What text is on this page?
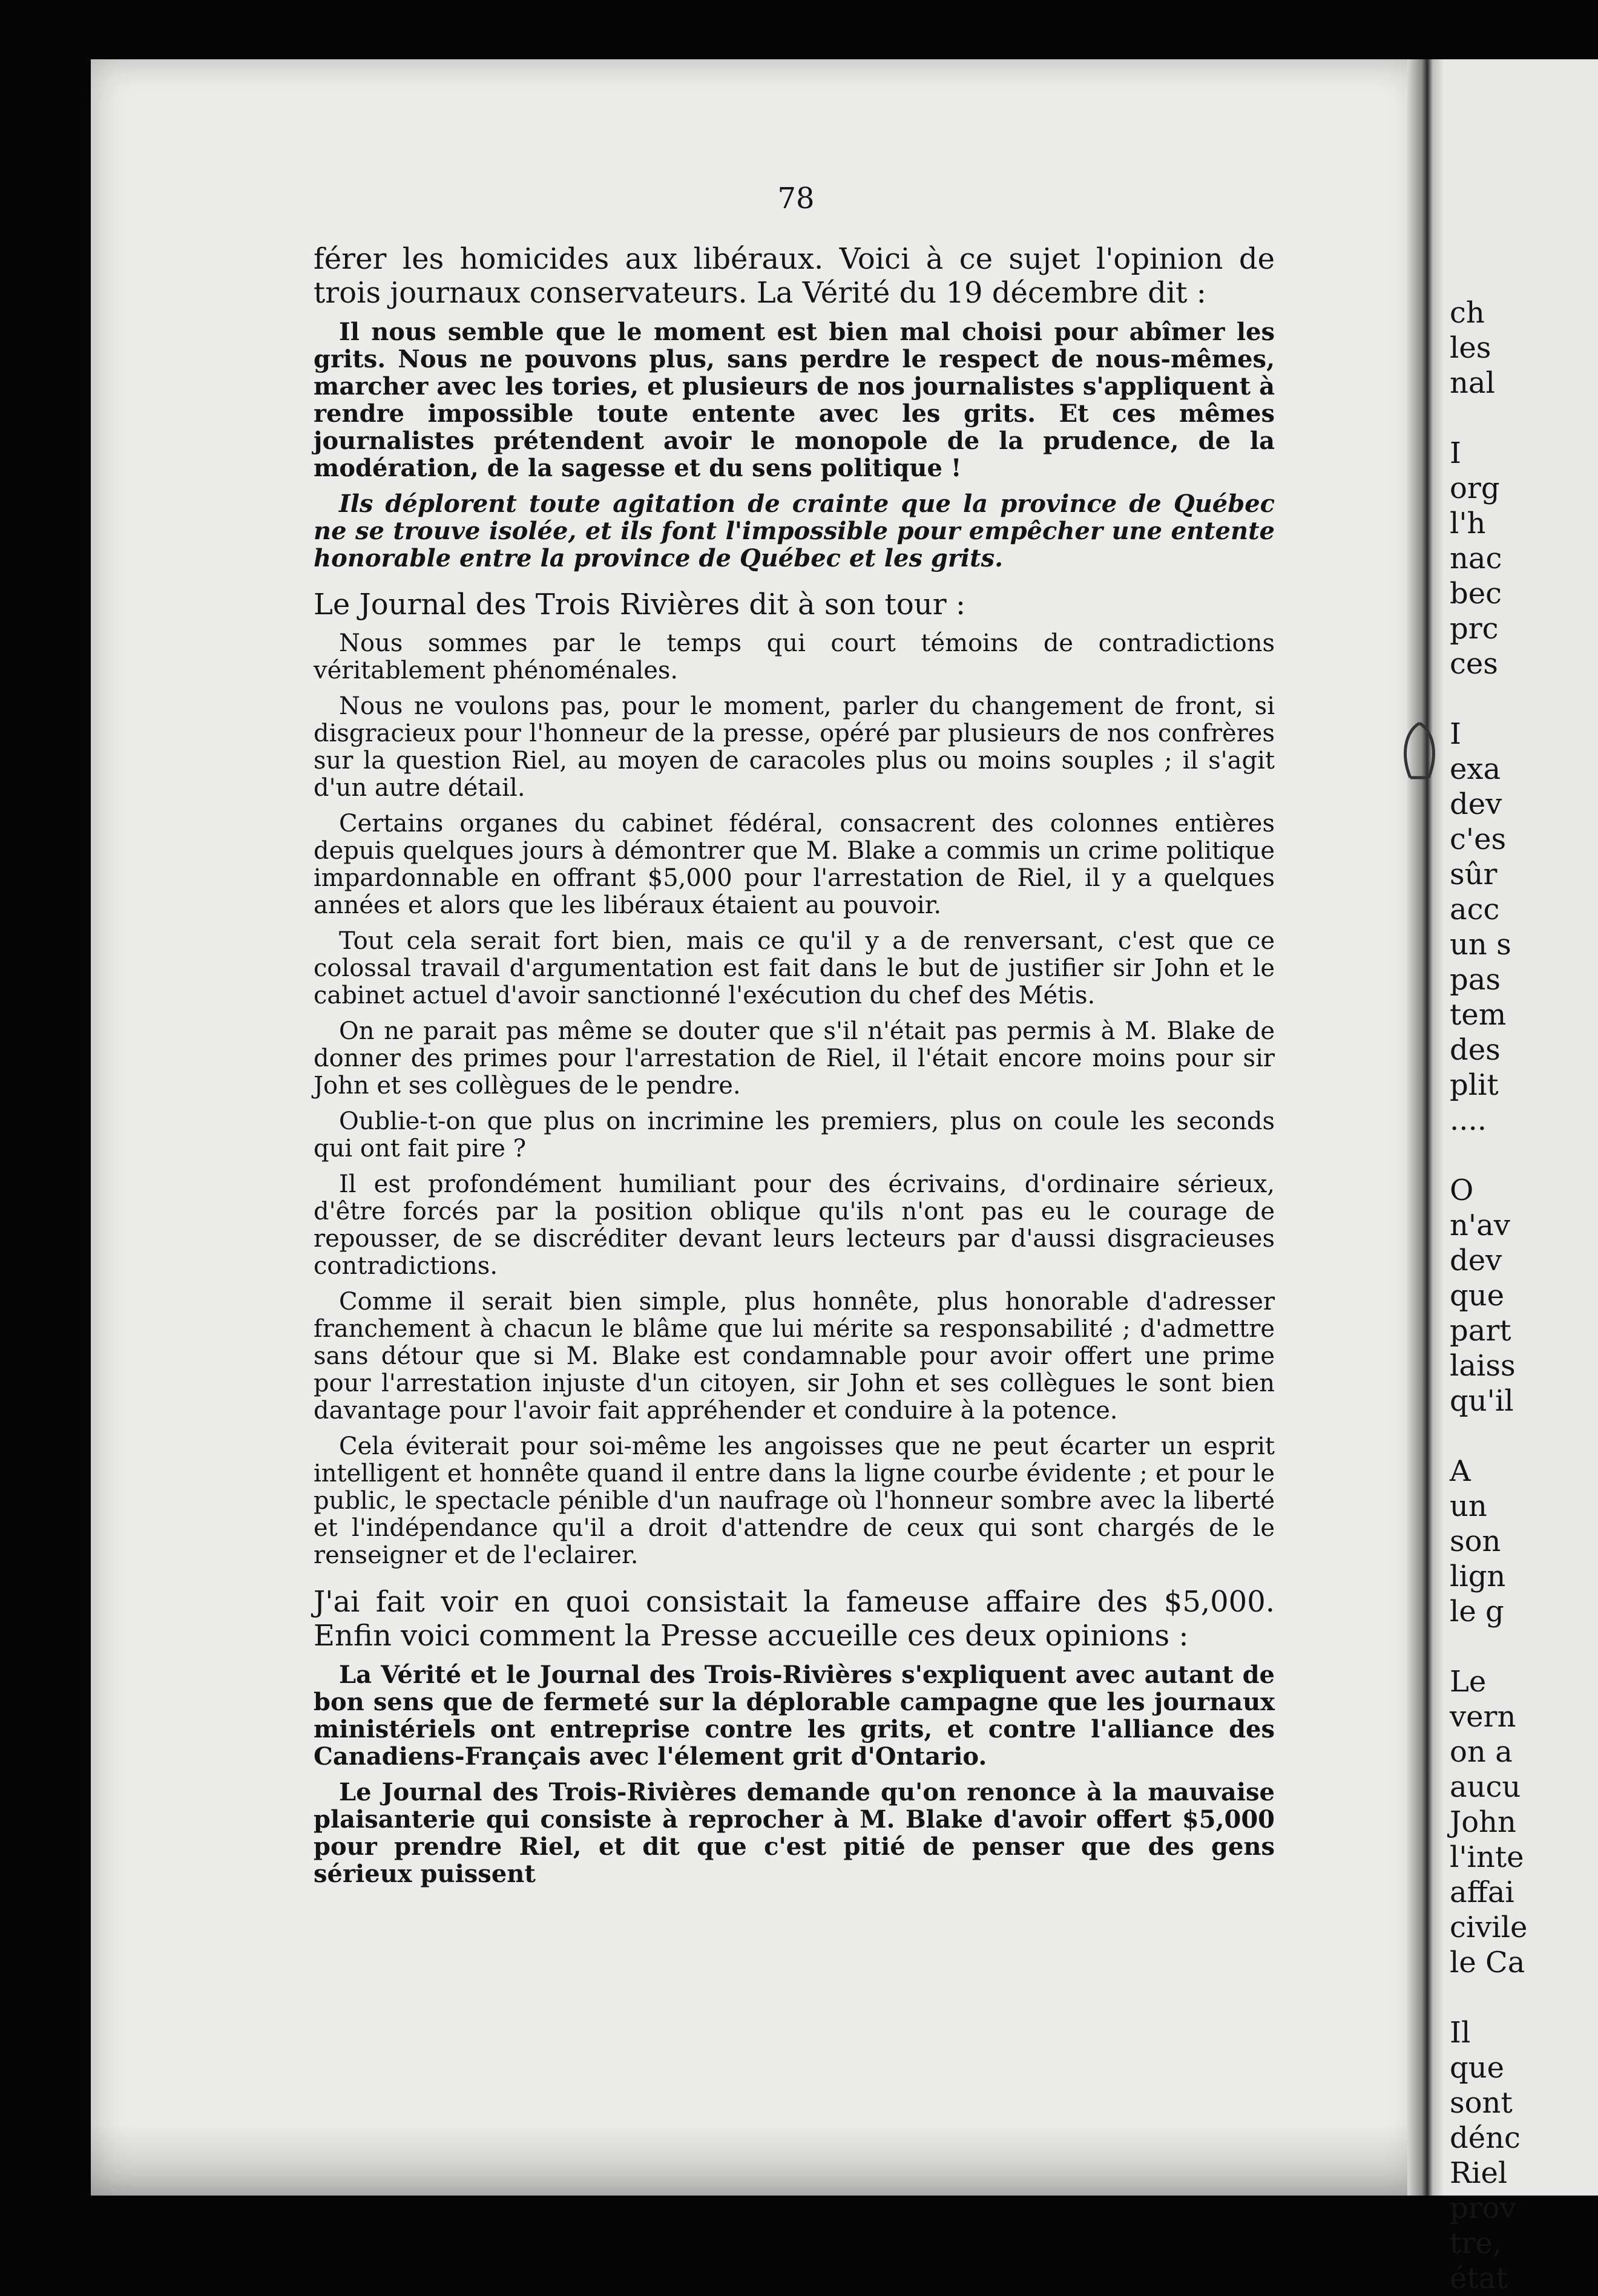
ch
les
nal
I
org
l'h
nac
bec
prc
ces
I
exa
dev
c'es
sûr
acc
un s
pas
tem
des
plit
....
O
n'av
dev
que
part
laiss
qu'il
A
un
son
lign
le g
Le
vern
on a
aucu
John
l'inte
affai
civile
le Ca
Il
que
sont
dénc
Riel
prov
tre,
état
78

férer les homicides aux libéraux. Voici à ce sujet l'opinion de trois journaux conservateurs. La Vérité du 19 décembre dit :

Il nous semble que le moment est bien mal choisi pour abîmer les grits. Nous ne pouvons plus, sans perdre le respect de nous-mêmes, marcher avec les tories, et plusieurs de nos journalistes s'appliquent à rendre impossible toute entente avec les grits. Et ces mêmes journalistes prétendent avoir le monopole de la prudence, de la modération, de la sagesse et du sens politique !

Ils déplorent toute agitation de crainte que la province de Québec ne se trouve isolée, et ils font l'impossible pour empêcher une entente honorable entre la province de Québec et les grits.

Le Journal des Trois Rivières dit à son tour :

Nous sommes par le temps qui court témoins de contradictions véritablement phénoménales.

Nous ne voulons pas, pour le moment, parler du changement de front, si disgracieux pour l'honneur de la presse, opéré par plusieurs de nos confrères sur la question Riel, au moyen de caracoles plus ou moins souples ; il s'agit d'un autre détail.

Certains organes du cabinet fédéral, consacrent des colonnes entières depuis quelques jours à démontrer que M. Blake a commis un crime politique impardonnable en offrant $5,000 pour l'arrestation de Riel, il y a quelques années et alors que les libéraux étaient au pouvoir.

Tout cela serait fort bien, mais ce qu'il y a de renversant, c'est que ce colossal travail d'argumentation est fait dans le but de justifier sir John et le cabinet actuel d'avoir sanctionné l'exécution du chef des Métis.

On ne parait pas même se douter que s'il n'était pas permis à M. Blake de donner des primes pour l'arrestation de Riel, il l'était encore moins pour sir John et ses collègues de le pendre.

Oublie-t-on que plus on incrimine les premiers, plus on coule les seconds qui ont fait pire ?

Il est profondément humiliant pour des écrivains, d'ordinaire sérieux, d'être forcés par la position oblique qu'ils n'ont pas eu le courage de repousser, de se discréditer devant leurs lecteurs par d'aussi disgracieuses contradictions.

Comme il serait bien simple, plus honnête, plus honorable d'adresser franchement à chacun le blâme que lui mérite sa responsabilité ; d'admettre sans détour que si M. Blake est condamnable pour avoir offert une prime pour l'arrestation injuste d'un citoyen, sir John et ses collègues le sont bien davantage pour l'avoir fait appréhender et conduire à la potence.

Cela éviterait pour soi-même les angoisses que ne peut écarter un esprit intelligent et honnête quand il entre dans la ligne courbe évidente ; et pour le public, le spectacle pénible d'un naufrage où l'honneur sombre avec la liberté et l'indépendance qu'il a droit d'attendre de ceux qui sont chargés de le renseigner et de l'eclairer.

J'ai fait voir en quoi consistait la fameuse affaire des $5,000. Enfin voici comment la Presse accueille ces deux opinions :

La Vérité et le Journal des Trois-Rivières s'expliquent avec autant de bon sens que de fermeté sur la déplorable campagne que les journaux ministériels ont entreprise contre les grits, et contre l'alliance des Canadiens-Français avec l'élement grit d'Ontario.

Le Journal des Trois-Rivières demande qu'on renonce à la mauvaise plaisanterie qui consiste à reprocher à M. Blake d'avoir offert $5,000 pour prendre Riel, et dit que c'est pitié de penser que des gens sérieux puissent
